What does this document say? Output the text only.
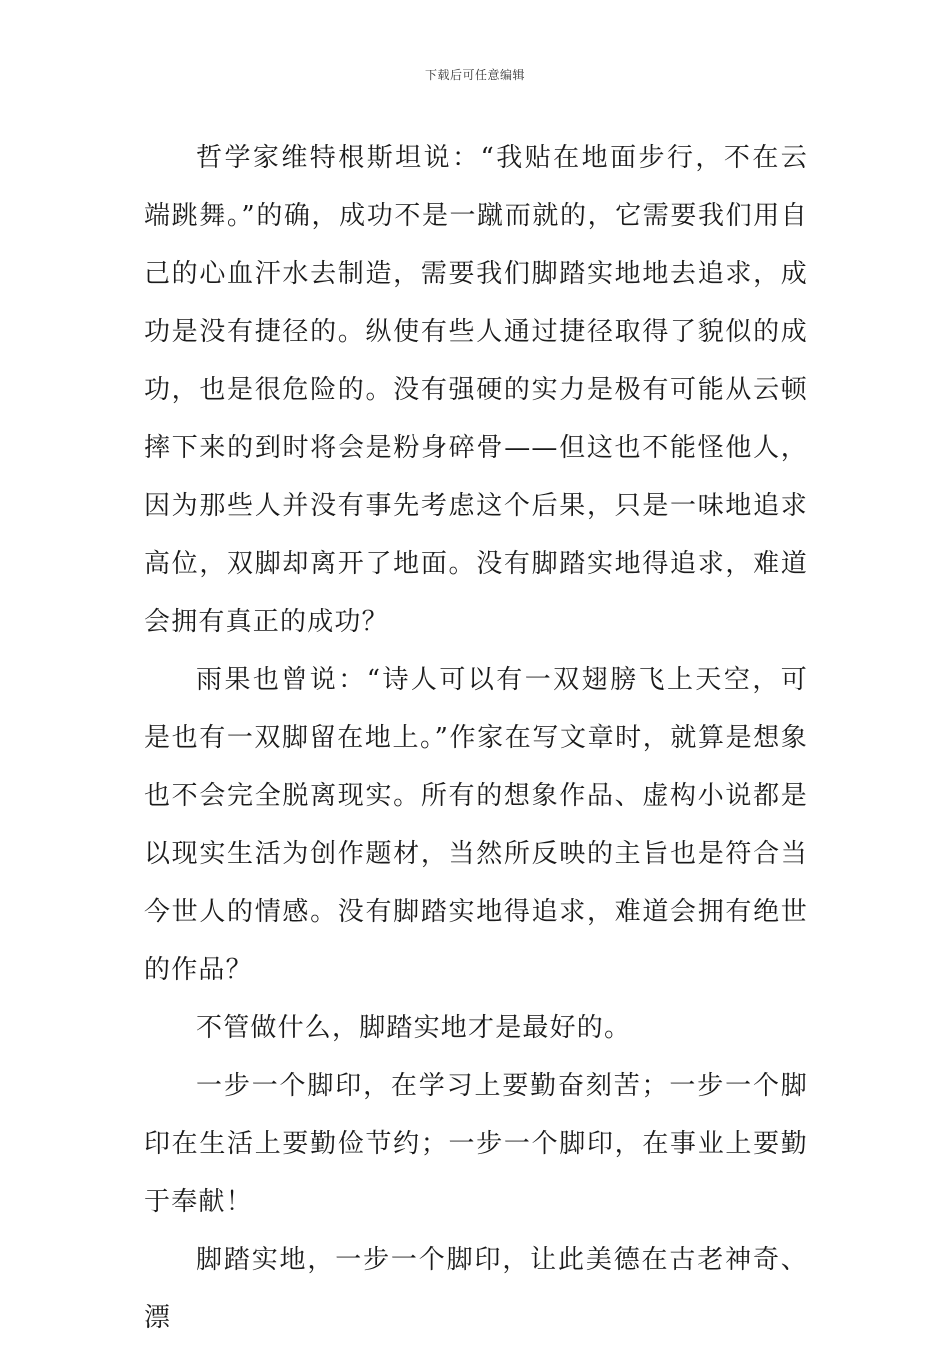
下载后可任意编辑

哲学家维特根斯坦说：“我贴在地面步行，不在云端跳舞。”的确，成功不是一蹴而就的，它需要我们用自己的心血汗水去制造，需要我们脚踏实地地去追求，成功是没有捷径的。纵使有些人通过捷径取得了貌似的成功，也是很危险的。没有强硬的实力是极有可能从云顿摔下来的到时将会是粉身碎骨——但这也不能怪他人，因为那些人并没有事先考虑这个后果，只是一味地追求高位，双脚却离开了地面。没有脚踏实地得追求，难道会拥有真正的成功？

雨果也曾说：“诗人可以有一双翅膀飞上天空，可是也有一双脚留在地上。”作家在写文章时，就算是想象也不会完全脱离现实。所有的想象作品、虚构小说都是以现实生活为创作题材，当然所反映的主旨也是符合当今世人的情感。没有脚踏实地得追求，难道会拥有绝世的作品？

不管做什么，脚踏实地才是最好的。

一步一个脚印，在学习上要勤奋刻苦；一步一个脚印在生活上要勤俭节约；一步一个脚印，在事业上要勤于奉献！

脚踏实地，一步一个脚印，让此美德在古老神奇、漂
